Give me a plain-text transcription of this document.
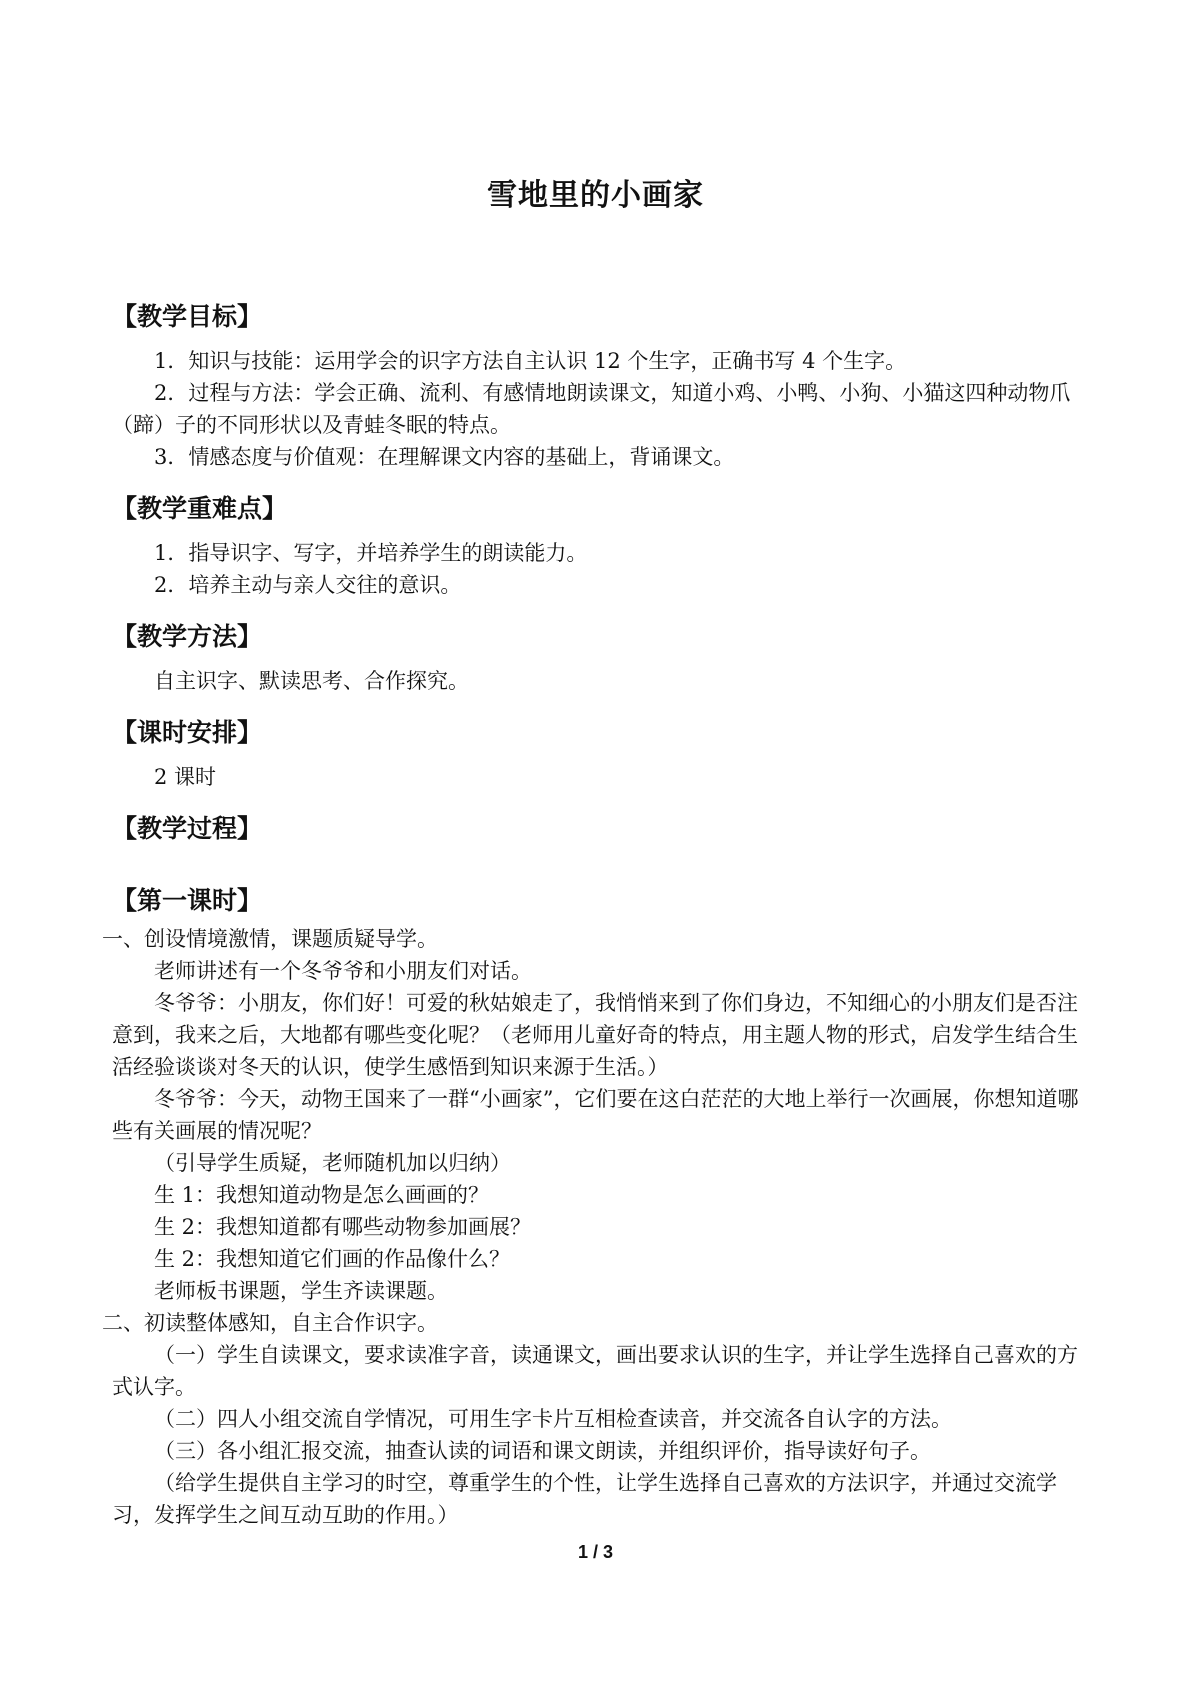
雪地里的小画家

【教学目标】

1．知识与技能：运用学会的识字方法自主认识 12 个生字，正确书写 4 个生字。

2．过程与方法：学会正确、流利、有感情地朗读课文，知道小鸡、小鸭、小狗、小猫这四种动物爪（蹄）子的不同形状以及青蛙冬眠的特点。

3．情感态度与价值观：在理解课文内容的基础上，背诵课文。

【教学重难点】

1．指导识字、写字，并培养学生的朗读能力。

2．培养主动与亲人交往的意识。

【教学方法】

自主识字、默读思考、合作探究。

【课时安排】

2 课时

【教学过程】

【第一课时】

一、创设情境激情，课题质疑导学。

老师讲述有一个冬爷爷和小朋友们对话。

冬爷爷：小朋友，你们好！可爱的秋姑娘走了，我悄悄来到了你们身边，不知细心的小朋友们是否注意到，我来之后，大地都有哪些变化呢？（老师用儿童好奇的特点，用主题人物的形式，启发学生结合生活经验谈谈对冬天的认识，使学生感悟到知识来源于生活。）

冬爷爷：今天，动物王国来了一群“小画家”，它们要在这白茫茫的大地上举行一次画展，你想知道哪些有关画展的情况呢？

（引导学生质疑，老师随机加以归纳）

生 1：我想知道动物是怎么画画的？

生 2：我想知道都有哪些动物参加画展？

生 2：我想知道它们画的作品像什么？

老师板书课题，学生齐读课题。

二、初读整体感知，自主合作识字。

（一）学生自读课文，要求读准字音，读通课文，画出要求认识的生字，并让学生选择自己喜欢的方式认字。

（二）四人小组交流自学情况，可用生字卡片互相检查读音，并交流各自认字的方法。

（三）各小组汇报交流，抽查认读的词语和课文朗读，并组织评价，指导读好句子。

（给学生提供自主学习的时空，尊重学生的个性，让学生选择自己喜欢的方法识字，并通过交流学习，发挥学生之间互动互助的作用。）

1 / 3
